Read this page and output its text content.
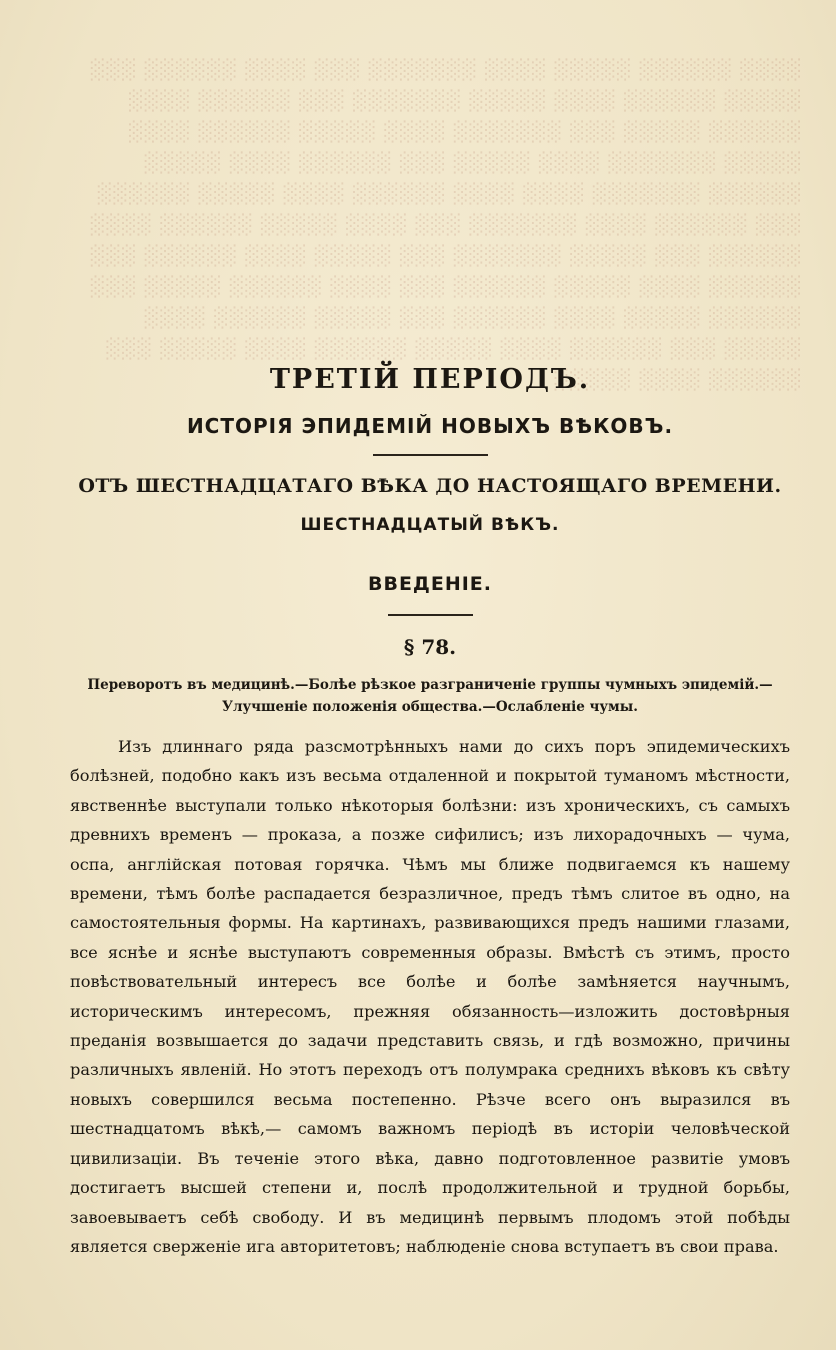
░░░░ ░░░░░░ ░░░░░ ░░░░ ░░░░░░░ ░░░ ░░░░ ░░░░░░ ░░░ ░░░░░ ░░░░░░ ░░░░ ░░░░░ ░░░░░░░ ░░░ ░░░░░░ ░░░░ ░░░░░░ ░░░░░ ░░░ ░░░░░░░ ░░░░ ░░░░░ ░░░░░░ ░░░░ ░░░░░ ░░░░░░░ ░░░░ ░░░░░ ░░░ ░░░░░░ ░░░░ ░░░░░ ░░░░░░ ░░░░░░░ ░░░░ ░░░░ ░░░░░░ ░░░░ ░░░░░ ░░░░░░ ░░░ ░░░░░░ ░░░░ ░░░░░░░ ░░░ ░░░░ ░░░░░ ░░░░░░ ░░░░ ░░░░░░ ░░░ ░░░░░ ░░░░░░░ ░░░ ░░░░░ ░░░░ ░░░░░░ ░░░ ░░░░░░ ░░░░ ░░░░░ ░░░░░░ ░░░ ░░░░ ░░░░░░ ░░░░░ ░░░ ░░░░░░ ░░░░░ ░░░░ ░░░░░░ ░░░ ░░░░░ ░░░░░░ ░░░░ ░░░░░ ░░░ ░░░░░░ ░░░░ ░░░░░ ░░░░░░ ░░░░ ░░░░░ ░░░ ░░░░░░ ░░░░ ░░░░░
ТРЕТІЙ ПЕРІОДЪ.
ИСТОРІЯ ЭПИДЕМІЙ НОВЫХЪ ВѢКОВЪ.
ОТЪ ШЕСТНАДЦАТАГО ВѢКА ДО НАСТОЯЩАГО ВРЕМЕНИ.
ШЕСТНАДЦАТЫЙ ВѢКЪ.
ВВЕДЕНІЕ.
§ 78.

Переворотъ въ медицинѣ.—Болѣе рѣзкое разграниченіе группы чумныхъ эпидемій.—Улучшеніе положенія общества.—Ослабленіе чумы.

Изъ длиннаго ряда разсмотрѣнныхъ нами до сихъ поръ эпидемическихъ болѣзней, подобно какъ изъ весьма отдаленной и покрытой туманомъ мѣстности, явственнѣе выступали только нѣкоторыя болѣзни: изъ хроническихъ, съ самыхъ древнихъ временъ — проказа, а позже сифилисъ; изъ лихорадочныхъ — чума, оспа, англійская потовая горячка. Чѣмъ мы ближе подвигаемся къ нашему времени, тѣмъ болѣе распадается безразличное, предъ тѣмъ слитое въ одно, на самостоятельныя формы. На картинахъ, развивающихся предъ нашими глазами, все яснѣе и яснѣе выступаютъ современныя образы. Вмѣстѣ съ этимъ, просто повѣствовательный интересъ все болѣе и болѣе замѣняется научнымъ, историческимъ интересомъ, прежняя обязанность—изложить достовѣрныя преданія возвышается до задачи представить связь, и гдѣ возможно, причины различныхъ явленій. Но этотъ переходъ отъ полумрака среднихъ вѣковъ къ свѣту новыхъ совершился весьма постепенно. Рѣзче всего онъ выразился въ шестнадцатомъ вѣкѣ,— самомъ важномъ періодѣ въ исторіи человѣческой цивилизаціи. Въ теченіе этого вѣка, давно подготовленное развитіе умовъ достигаетъ высшей степени и, послѣ продолжительной и трудной борьбы, завоевываетъ себѣ свободу. И въ медицинѣ первымъ плодомъ этой побѣды является сверженіе ига авторитетовъ; наблюденіе снова вступаетъ въ свои права.
